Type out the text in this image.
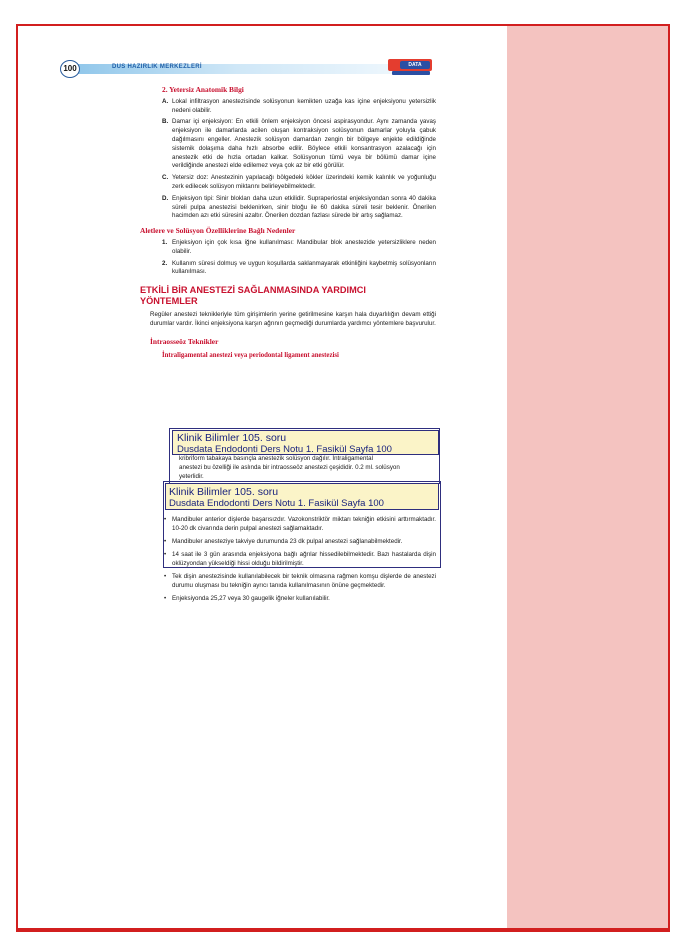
100	DUS HAZIRLIK MERKEZLERİ	DATA
2. Yetersiz Anatomik Bilgi
A. Lokal infiltrasyon anestezisinde solüsyonun kemikten uzağa kas içine enjeksiyonu yetersizlik nedeni olabilir.
B. Damar içi enjeksiyon: En etkili önlem enjeksiyon öncesi aspirasyondur. Aynı zamanda yavaş enjeksiyon ile damarlarda acilen oluşan kontraksiyon solüsyonun damarlar yoluyla çabuk dağılmasını engeller. Anestezik solüsyon damardan zengin bir bölgeye enjekte edildiğinde sistemik dolaşıma daha hızlı absorbe edilir. Böylece etkili konsantrasyon azalacağı için anestezik etki de hızla ortadan kalkar. Solüsyonun tümü veya bir bölümü damar içine verildiğinde anestezi elde edilemez veya çok az bir etki görülür.
C. Yetersiz doz: Anestezinin yapılacağı bölgedeki kökler üzerindeki kemik kalınlık ve yoğunluğu zerk edilecek solüsyon miktarını belirleyebilmektedir.
D. Enjeksiyon tipi: Sinir blokları daha uzun etkilidir. Supraperiostal enjeksiyondan sonra 40 dakika süreli pulpa anestezisi beklenirken, sinir bloğu ile 60 dakika süreli tesir beklenir. Önerilen hacimden azı etki süresini azaltır. Önerilen dozdan fazlası sürede bir artış sağlamaz.
Aletlere ve Solüsyon Özelliklerine Bağlı Nedenler
1. Enjeksiyon için çok kısa iğne kullanılması: Mandibular blok anestezide yetersizliklere neden olabilir.
2. Kullanım süresi dolmuş ve uygun koşullarda saklanmayarak etkinliğini kaybetmiş solüsyonların kullanılması.
ETKİLİ BİR ANESTEZİ SAĞLANMASINDA YARDIMCI
YÖNTEMLER

Regüler anestezi teknikleriyle tüm girişimlerin yerine getirilmesine karşın hala duyarlılığın devam ettiği durumlar vardır. İkinci enjeksiyona karşın ağrının geçmediği durumlarda yardımcı yöntemlere başvurulur.

İntraosseöz Teknikler
İntraligamental anestezi veya periodontal ligament anestezisi
kribriform tabakaya basınçla anestezik solüsyon dağılır. İntraligamental
anestezi bu özelliği ile aslında bir intraosseöz anestezi çeşididir. 0.2 ml. solüsyon
yeterlidir.
• Mandibuler anterior dişlerde başarısızdır. Vazokonstriktör miktarı tekniğin etkisini arttırmaktadır. 10-20 dk civarında derin pulpal anestezi sağlamaktadır.
• Mandibuler anesteziye takviye durumunda 23 dk pulpal anestezi sağlanabilmektedir.
• 14 saat ile 3 gün arasında enjeksiyona bağlı ağrılar hissedilebilmektedir. Bazı hastalarda dişin oklüzyondan yükseldiği hissi olduğu bildirilmiştir.
• Tek dişin anestezisinde kullanılabilecek bir teknik olmasına rağmen komşu dişlerde de anestezi durumu oluşması bu tekniğin ayrıcı tanıda kullanılmasının önüne geçmektedir.
• Enjeksiyonda 25,27 veya 30 gaugelik iğneler kullanılabilir.
Klinik Bilimler 105. soru
Dusdata Endodonti Ders Notu 1. Fasikül Sayfa 100
Klinik Bilimler 105. soru
Dusdata Endodonti Ders Notu 1. Fasikül Sayfa 100
